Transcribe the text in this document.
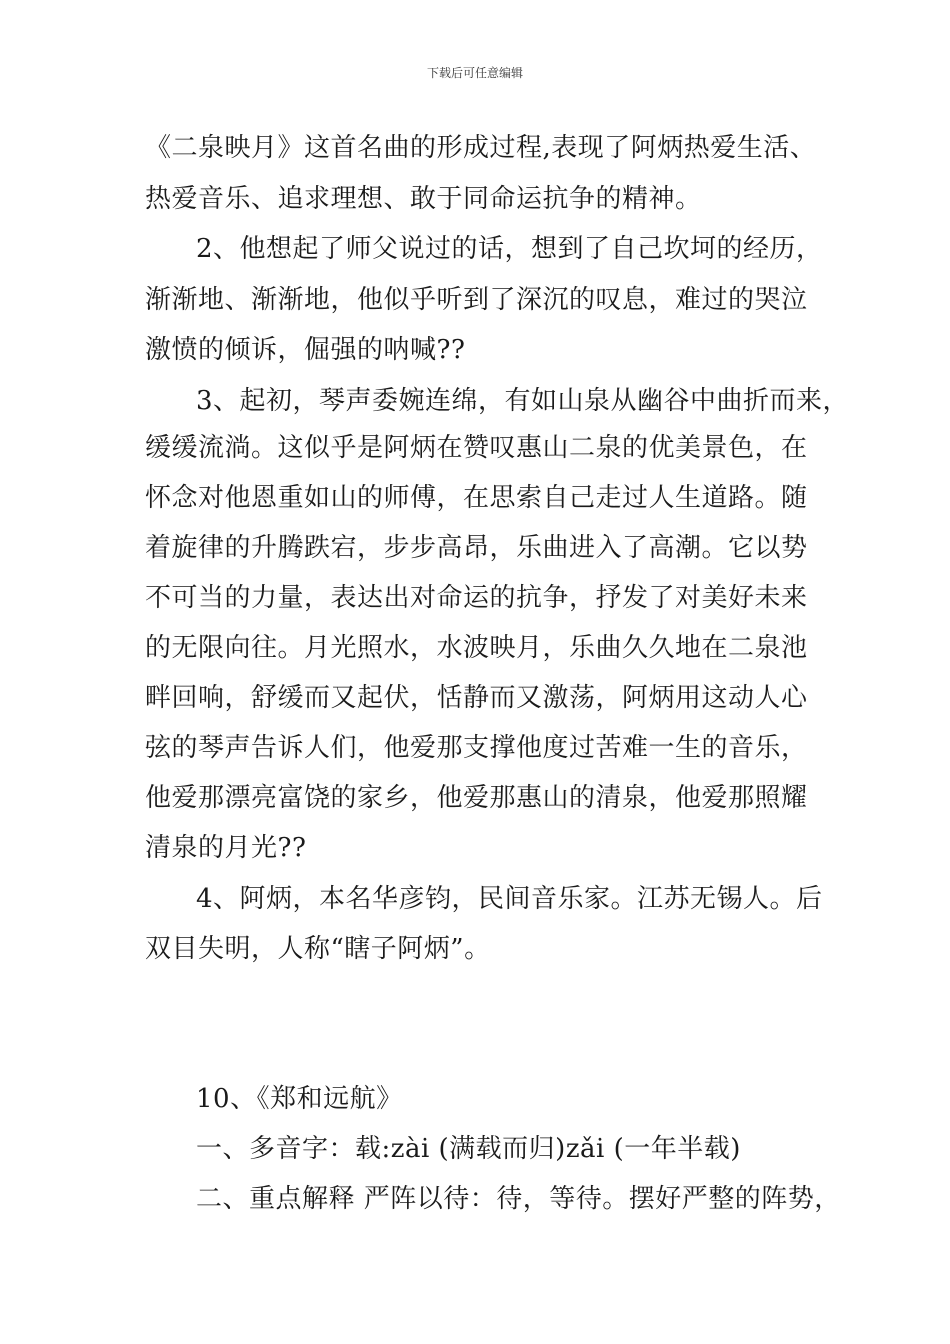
下载后可任意编辑
《二泉映月》这首名曲的形成过程,表现了阿炳热爱生活、
热爱音乐、追求理想、敢于同命运抗争的精神。
2、他想起了师父说过的话，想到了自己坎坷的经历，
渐渐地、渐渐地，他似乎听到了深沉的叹息，难过的哭泣
激愤的倾诉，倔强的呐喊??
3、起初，琴声委婉连绵，有如山泉从幽谷中曲折而来，
缓缓流淌。这似乎是阿炳在赞叹惠山二泉的优美景色，在
怀念对他恩重如山的师傅，在思索自己走过人生道路。随
着旋律的升腾跌宕，步步高昂，乐曲进入了高潮。它以势
不可当的力量，表达出对命运的抗争，抒发了对美好未来
的无限向往。月光照水，水波映月，乐曲久久地在二泉池
畔回响，舒缓而又起伏，恬静而又激荡，阿炳用这动人心
弦的琴声告诉人们，他爱那支撑他度过苦难一生的音乐，
他爱那漂亮富饶的家乡，他爱那惠山的清泉，他爱那照耀
清泉的月光??
4、阿炳，本名华彦钧，民间音乐家。江苏无锡人。后
双目失明，人称“瞎子阿炳”。
10、《郑和远航》
一、多音字：载:zài (满载而归)zǎi (一年半载)
二、重点解释 严阵以待：待，等待。摆好严整的阵势，
